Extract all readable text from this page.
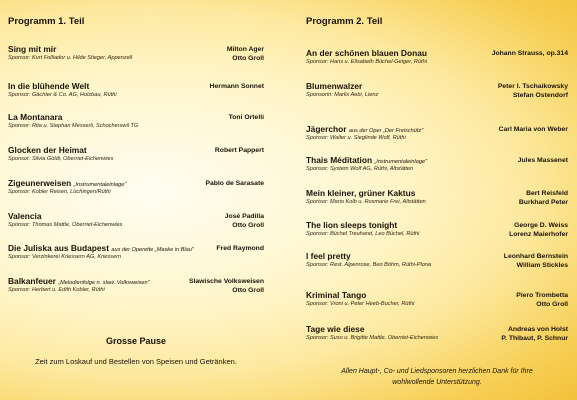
Programm 1. Teil
Sing mit mir
Sponsor: Kurt Folliador u. Hilde Stieger, Appenzell
Milton Ager
Otto Groll
In die blühende Welt
Sponsor: Gächter & Co. AG, Holzbau, Rüthi
Hermann Sonnet
La Montanara
Sponsor: Rita u. Stephan Messerli, Schocherswil TG
Toni Ortelli
Glocken der Heimat
Sponsor: Silvia Göldi, Oberriet-Eichenwies
Robert Pappert
Zigeunerweisen „Instrumentaleinlage"
Sponsor: Kobler Reisen, Lüchingen/Rüthi
Pablo de Sarasate
Valencia
Sponsor: Thomas Mattle, Oberriet-Eichenwies
José Padilla
Otto Groll
Die Juliska aus Budapest aus der Operette „Maske in Blau"
Sponsor: Verzinkerei Kriessern AG, Kriessern
Fred Raymond
Balkanfeuer „Melodienfolge n. slaw. Volksweisen"
Sponsor: Herbert u. Edith Kobler, Rüthi
Slawische Volksweisen
Otto Groll
Grosse Pause
Zeit zum Loskauf und Bestellen von Speisen und Getränken.
Programm 2. Teil
An der schönen blauen Donau
Sponsor: Hans u. Elisabeth Büchel-Geiger, Rüthi
Johann Strauss, op.314
Blumenwalzer
Sponsorin: Marlis Aebi, Lienz
Peter I. Tschaikowsky
Stefan Ostendorf
Jägerchor aus der Oper „Der Freischütz"
Sponsor: Walter u. Sieglinde Wolf, Rüthi
Carl Maria von Weber
Thais Méditation „Instrumentaleinlage"
Sponsor: System Wolf AG, Rüthi, Altstätten
Jules Massenet
Mein kleiner, grüner Kaktus
Sponsor: Mario Kolb u. Rosmarie Frei, Altstätten
Bert Reisfeld
Burkhard Peter
The lion sleeps tonight
Sponsor: Büchel Treuhand, Leo Büchel, Rüthi
George D. Weiss
Lorenz Maierhofer
I feel pretty
Sponsor: Rest. Alpenrose, Beo Böhm, Rüthi-Plona
Leonhard Bernstein
William Stickles
Kriminal Tango
Sponsor: Vroni u. Peter Heeb-Bucher, Rüthi
Piero Trombetta
Otto Groll
Tage wie diese
Sponsor: Suso u. Brigitte Mattle, Oberriet-Eichenwies
Andreas von Holst
P. Thibaut, P. Schnur
Allen Haupt-, Co- und Liedsponsoren herzlichen Dank für Ihre
wohlwollende Unterstützung.
